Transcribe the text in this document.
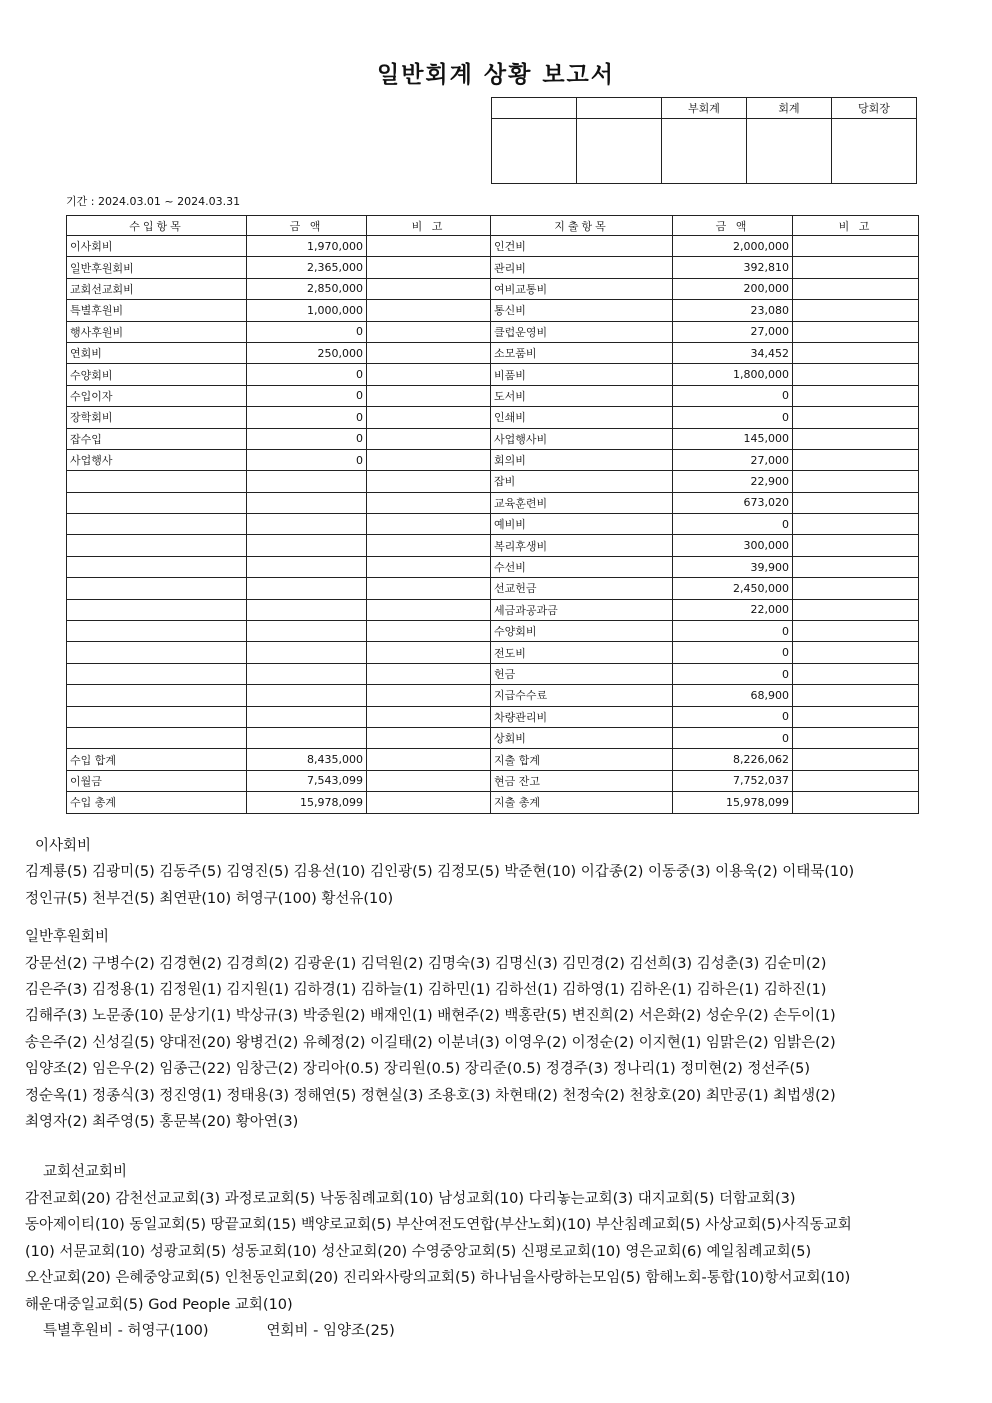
일반회계 상황 보고서
		부회계	회계	당회장

기간 : 2024.03.01 ~ 2024.03.31
수입항목	금 액	비 고	지출항목	금 액	비 고
이사회비	1,970,000		인건비	2,000,000	
일반후원회비	2,365,000		관리비	392,810	
교회선교회비	2,850,000		여비교통비	200,000	
특별후원비	1,000,000		통신비	23,080	
행사후원비	0		클럽운영비	27,000	
연회비	250,000		소모품비	34,452	
수양회비	0		비품비	1,800,000	
수입이자	0		도서비	0	
장학회비	0		인쇄비	0	
잡수입	0		사업행사비	145,000	
사업행사	0		회의비	27,000	
			잡비	22,900	
			교육훈련비	673,020	
			예비비	0	
			복리후생비	300,000	
			수선비	39,900	
			선교헌금	2,450,000	
			세금과공과금	22,000	
			수양회비	0	
			전도비	0	
			헌금	0	
			지급수수료	68,900	
			차량관리비	0	
			상회비	0	
수입 합계	8,435,000		지출 합계	8,226,062	
이월금	7,543,099		현금 잔고	7,752,037	
수입 총계	15,978,099		지출 총계	15,978,099	

이사회비

김계룡(5) 김광미(5) 김동주(5) 김영진(5) 김용선(10) 김인광(5) 김정모(5) 박준현(10) 이갑종(2) 이동중(3) 이용욱(2) 이태묵(10)

정인규(5) 천부건(5) 최연판(10) 허영구(100) 황선유(10)

일반후원회비

강문선(2) 구병수(2) 김경현(2) 김경희(2) 김광운(1) 김덕원(2) 김명숙(3) 김명신(3) 김민경(2) 김선희(3) 김성춘(3) 김순미(2)

김은주(3) 김정용(1) 김정원(1) 김지원(1) 김하경(1) 김하늘(1) 김하민(1) 김하선(1) 김하영(1) 김하온(1) 김하은(1) 김하진(1)

김해주(3) 노문종(10) 문상기(1) 박상규(3) 박중원(2) 배재인(1) 배현주(2) 백홍란(5) 변진희(2) 서은화(2) 성순우(2) 손두이(1)

송은주(2) 신성길(5) 양대전(20) 왕병건(2) 유혜정(2) 이길태(2) 이분녀(3) 이영우(2) 이정순(2) 이지현(1) 임맑은(2) 임밝은(2)

임양조(2) 임은우(2) 임종근(22) 임창근(2) 장리아(0.5) 장리원(0.5) 장리준(0.5) 정경주(3) 정나리(1) 정미현(2) 정선주(5)

정순옥(1) 정종식(3) 정진영(1) 정태용(3) 정해연(5) 정현실(3) 조용호(3) 차현태(2) 천정숙(2) 천창호(20) 최만공(1) 최법생(2)

최영자(2) 최주영(5) 홍문복(20) 황아연(3)

교회선교회비

감전교회(20) 감천선교교회(3) 과정로교회(5) 낙동침례교회(10) 남성교회(10) 다리놓는교회(3) 대지교회(5) 더함교회(3)

동아제이티(10) 동일교회(5) 땅끝교회(15) 백양로교회(5) 부산여전도연합(부산노회)(10) 부산침례교회(5) 사상교회(5)사직동교회

(10) 서문교회(10) 성광교회(5) 성동교회(10) 성산교회(20) 수영중앙교회(5) 신평로교회(10) 영은교회(6) 예일침례교회(5)

오산교회(20) 은혜중앙교회(5) 인천동인교회(20) 진리와사랑의교회(5) 하나님을사랑하는모임(5) 함해노회-통합(10)항서교회(10)

해운대중일교회(5) God People 교회(10)

특별후원비 - 허영구(100)	연회비 - 임양조(25)
